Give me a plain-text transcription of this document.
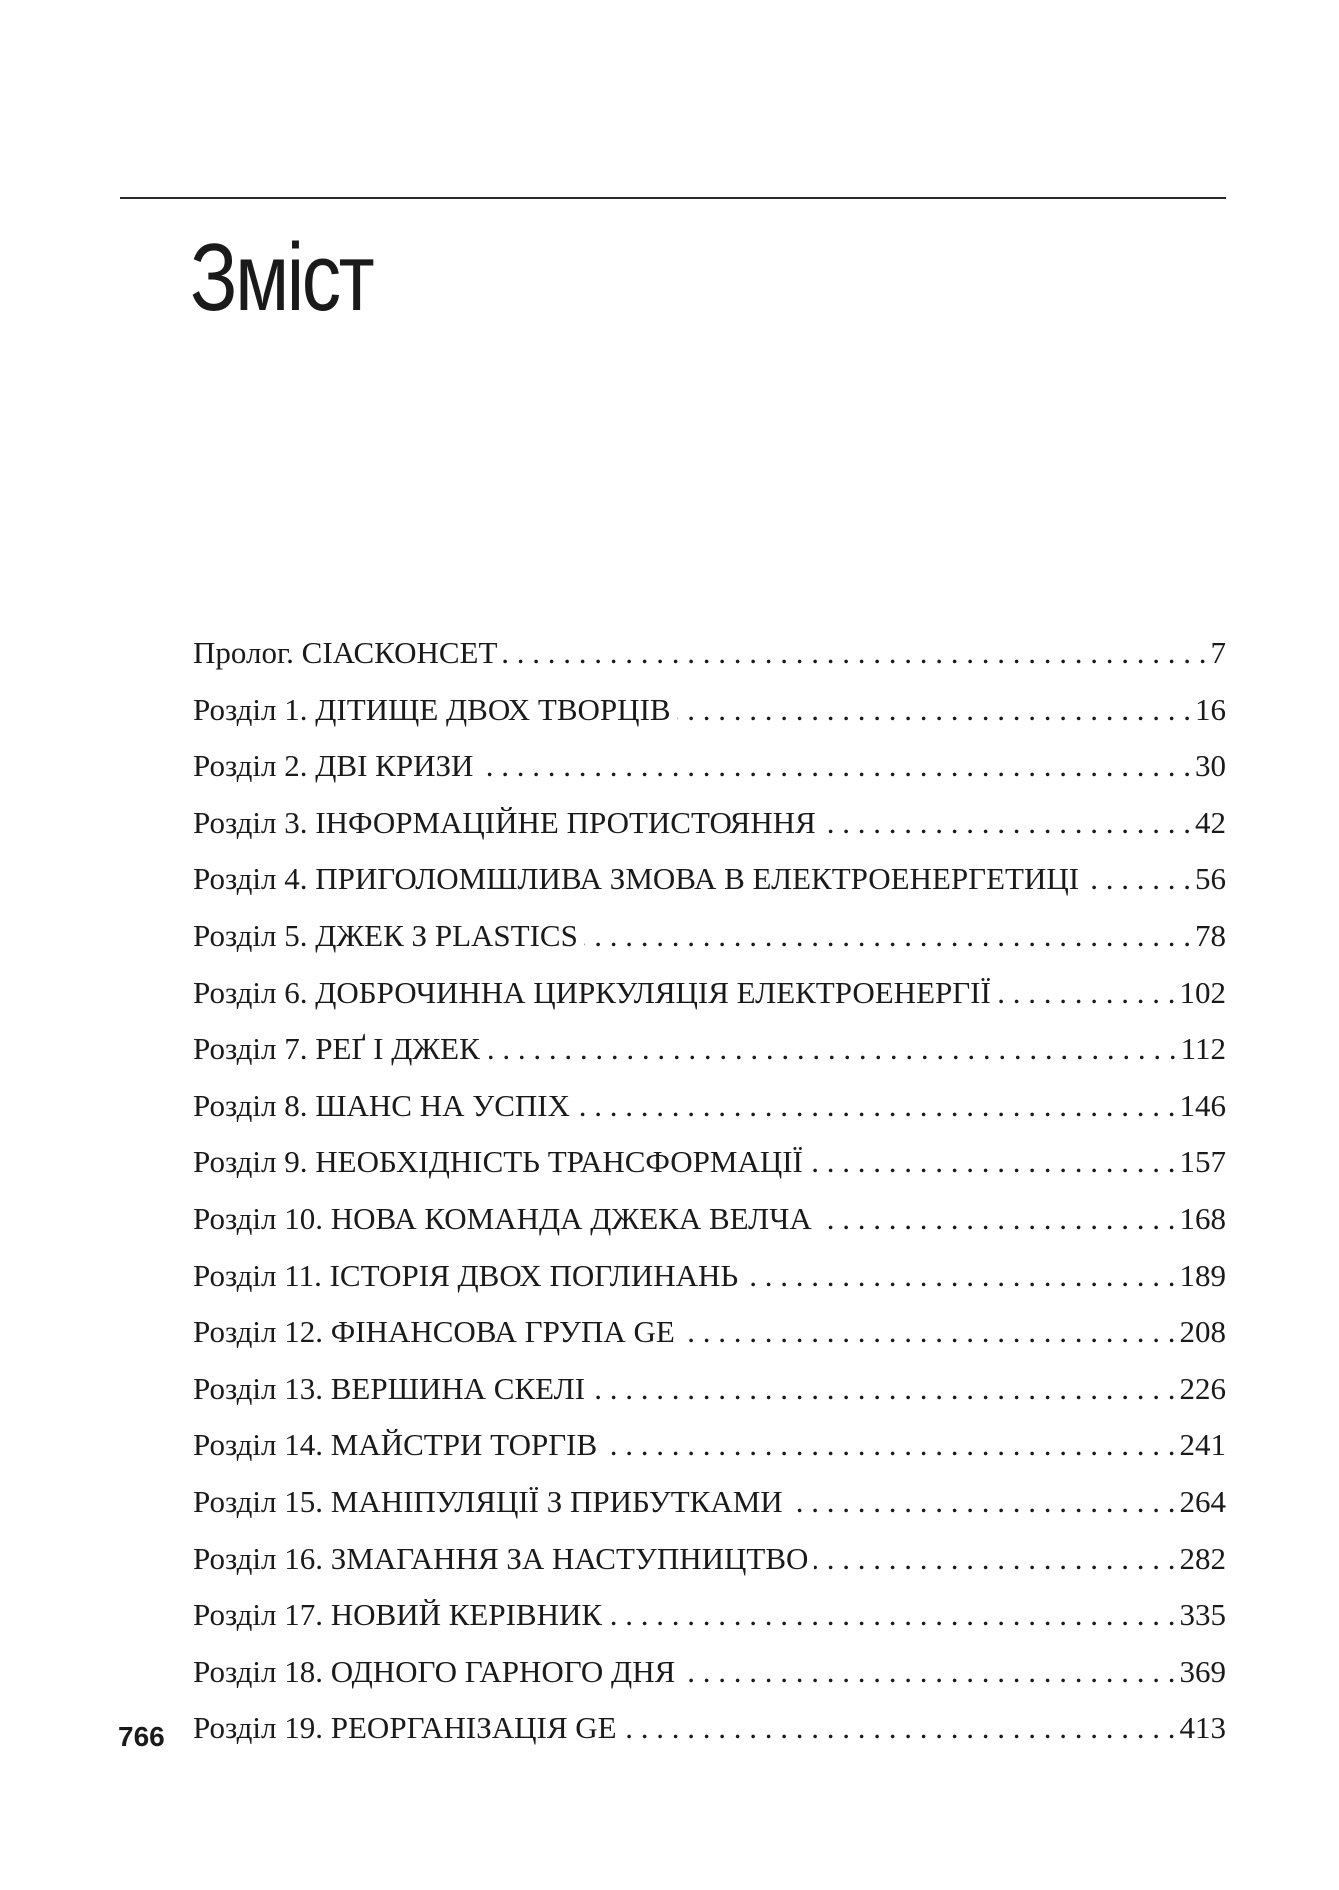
Зміст
Пролог. СІАСКОНСЕТ . . .	7
Розділ 1. ДІТИЩЕ ДВОХ ТВОРЦІВ . . .	16
Розділ 2. ДВІ КРИЗИ . . .	30
Розділ 3. ІНФОРМАЦІЙНЕ ПРОТИСТОЯННЯ . . .	42
Розділ 4. ПРИГОЛОМШЛИВА ЗМОВА В ЕЛЕКТРОЕНЕРГЕТИЦІ . . .	56
Розділ 5. ДЖЕК З PLASTICS . . .	78
Розділ 6. ДОБРОЧИННА ЦИРКУЛЯЦІЯ ЕЛЕКТРОЕНЕРГІЇ . . .	102
Розділ 7. РЕҐ І ДЖЕК . . .	112
Розділ 8. ШАНС НА УСПІХ . . .	146
Розділ 9. НЕОБХІДНІСТЬ ТРАНСФОРМАЦІЇ . . .	157
Розділ 10. НОВА КОМАНДА ДЖЕКА ВЕЛЧА . . .	168
Розділ 11. ІСТОРІЯ ДВОХ ПОГЛИНАНЬ . . .	189
Розділ 12. ФІНАНСОВА ГРУПА GE . . .	208
Розділ 13. ВЕРШИНА СКЕЛІ . . .	226
Розділ 14. МАЙСТРИ ТОРГІВ . . .	241
Розділ 15. МАНІПУЛЯЦІЇ З ПРИБУТКАМИ . . .	264
Розділ 16. ЗМАГАННЯ ЗА НАСТУПНИЦТВО . . .	282
Розділ 17. НОВИЙ КЕРІВНИК . . .	335
Розділ 18. ОДНОГО ГАРНОГО ДНЯ . . .	369
Розділ 19. РЕОРГАНІЗАЦІЯ GE . . .	413
766
